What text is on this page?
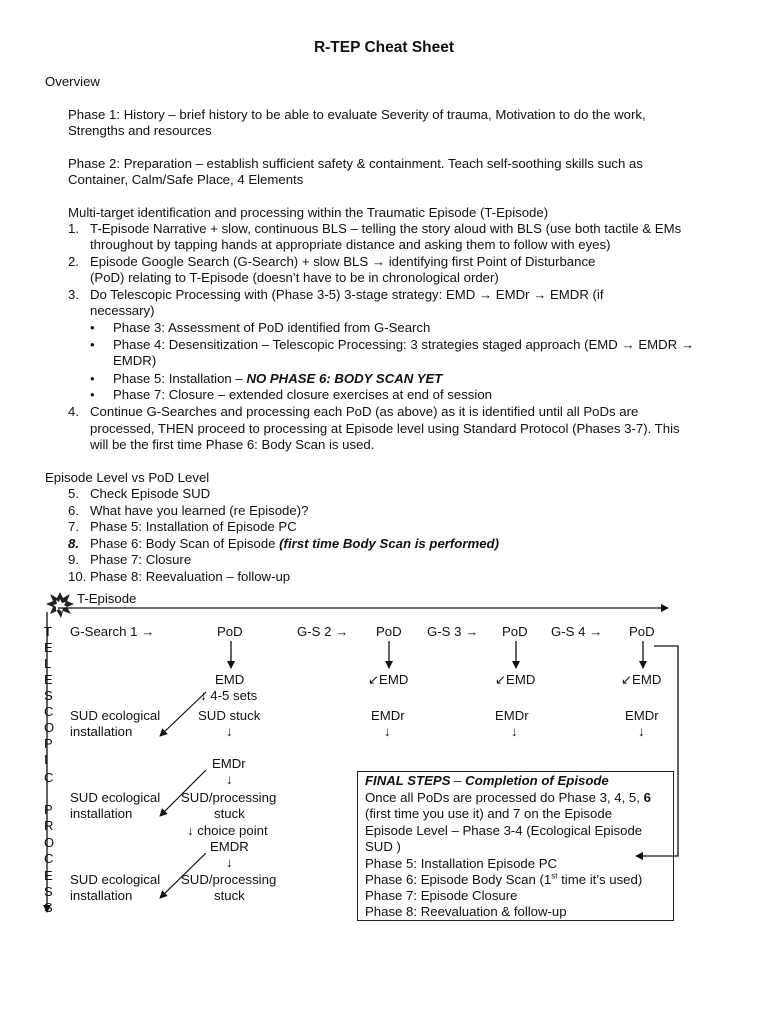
R-TEP Cheat Sheet
Overview
Phase 1: History – brief history to be able to evaluate Severity of trauma, Motivation to do the work,
Strengths and resources
Phase 2: Preparation – establish sufficient safety & containment. Teach self-soothing skills such as
Container, Calm/Safe Place, 4 Elements
Multi-target identification and processing within the Traumatic Episode (T-Episode)
1. T-Episode Narrative + slow, continuous BLS – telling the story aloud with BLS (use both tactile & EMs
throughout by tapping hands at appropriate distance and asking them to follow with eyes)
2. Episode Google Search (G-Search) + slow BLS → identifying first Point of Disturbance
(PoD) relating to T-Episode (doesn’t have to be in chronological order)
3. Do Telescopic Processing with (Phase 3-5) 3-stage strategy: EMD → EMDr → EMDR (if
necessary)
• Phase 3: Assessment of PoD identified from G-Search
• Phase 4: Desensitization – Telescopic Processing: 3 strategies staged approach (EMD → EMDR →
EMDR)
• Phase 5: Installation – NO PHASE 6: BODY SCAN YET
• Phase 7: Closure – extended closure exercises at end of session
4. Continue G-Searches and processing each PoD (as above) as it is identified until all PoDs are
processed, THEN proceed to processing at Episode level using Standard Protocol (Phases 3-7). This
will be the first time Phase 6: Body Scan is used.
Episode Level vs PoD Level
5. Check Episode SUD
6. What have you learned (re Episode)?
7. Phase 5: Installation of Episode PC
8. Phase 6: Body Scan of Episode (first time Body Scan is performed)
9. Phase 7: Closure
10. Phase 8: Reevaluation – follow-up
T-Episode
T
E
L
E
S
C
O
P
I
C
P
R
O
C
E
S
S
G-Search 1 →	PoD	G-S 2 → PoD G-S 3 → PoD G-S 4 → PoD
EMD
↓ 4-5 sets
SUD stuck
↓
EMDr
↓
SUD/processing
stuck
↓ choice point
EMDR
↓
SUD/processing
stuck
SUD ecological
installation
SUD ecological
installation
SUD ecological
installation
↙EMD
EMDr
↓
↙EMD
EMDr
↓
↙EMD
EMDr
↓
FINAL STEPS – Completion of Episode
Once all PoDs are processed do Phase 3, 4, 5, 6
(first time you use it) and 7 on the Episode
Episode Level – Phase 3-4 (Ecological Episode
SUD )
Phase 5: Installation Episode PC
Phase 6: Episode Body Scan (1st time it’s used)
Phase 7: Episode Closure
Phase 8: Reevaluation & follow-up
